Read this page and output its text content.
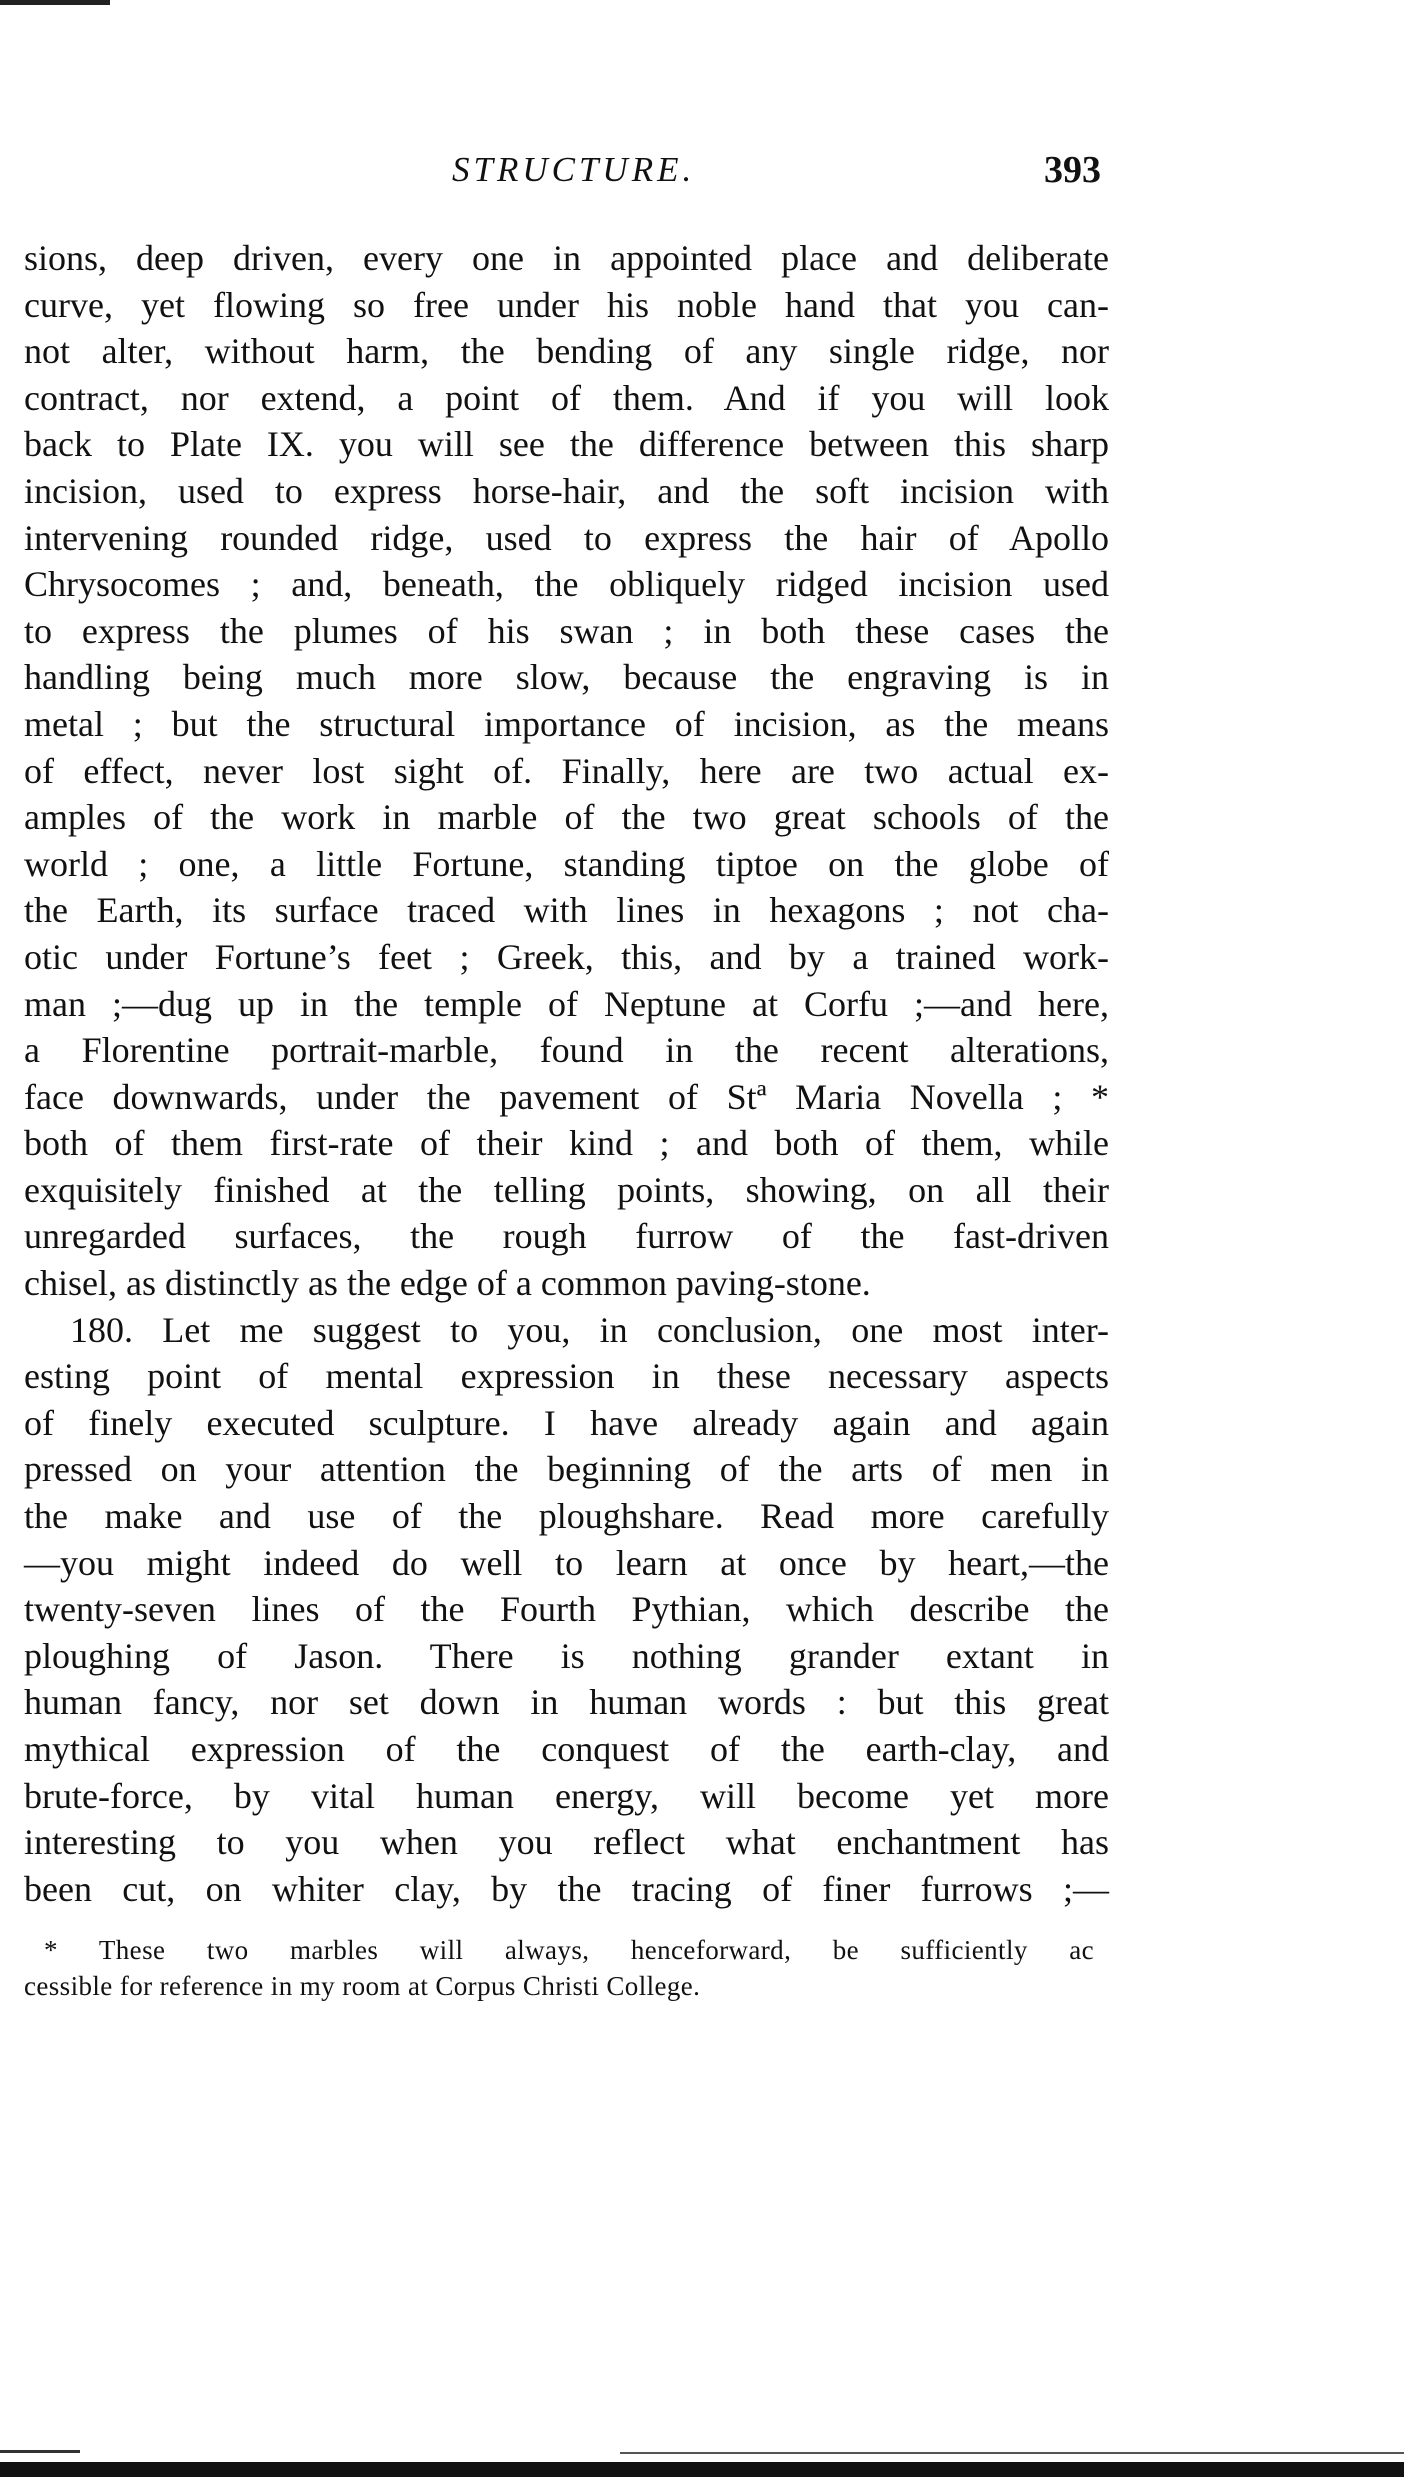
STRUCTURE.	393
sions, deep driven, every one in appointed place and deliberate
curve, yet flowing so free under his noble hand that you can-
not alter, without harm, the bending of any single ridge, nor
contract, nor extend, a point of them. And if you will look
back to Plate IX. you will see the difference between this sharp
incision, used to express horse-hair, and the soft incision with
intervening rounded ridge, used to express the hair of Apollo
Chrysocomes ; and, beneath, the obliquely ridged incision used
to express the plumes of his swan ; in both these cases the
handling being much more slow, because the engraving is in
metal ; but the structural importance of incision, as the means
of effect, never lost sight of. Finally, here are two actual ex-
amples of the work in marble of the two great schools of the
world ; one, a little Fortune, standing tiptoe on the globe of
the Earth, its surface traced with lines in hexagons ; not cha-
otic under Fortune’s feet ; Greek, this, and by a trained work-
man ;—dug up in the temple of Neptune at Corfu ;—and here,
a Florentine portrait-marble, found in the recent alterations,
face downwards, under the pavement of Stª Maria Novella ; *
both of them first-rate of their kind ; and both of them, while
exquisitely finished at the telling points, showing, on all their
unregarded surfaces, the rough furrow of the fast-driven
chisel, as distinctly as the edge of a common paving-stone.
180. Let me suggest to you, in conclusion, one most inter-
esting point of mental expression in these necessary aspects
of finely executed sculpture. I have already again and again
pressed on your attention the beginning of the arts of men in
the make and use of the ploughshare. Read more carefully
—you might indeed do well to learn at once by heart,—the
twenty-seven lines of the Fourth Pythian, which describe the
ploughing of Jason. There is nothing grander extant in
human fancy, nor set down in human words : but this great
mythical expression of the conquest of the earth-clay, and
brute-force, by vital human energy, will become yet more
interesting to you when you reflect what enchantment has
been cut, on whiter clay, by the tracing of finer furrows ;—
* These two marbles will always, henceforward, be sufficiently ac
cessible for reference in my room at Corpus Christi College.
